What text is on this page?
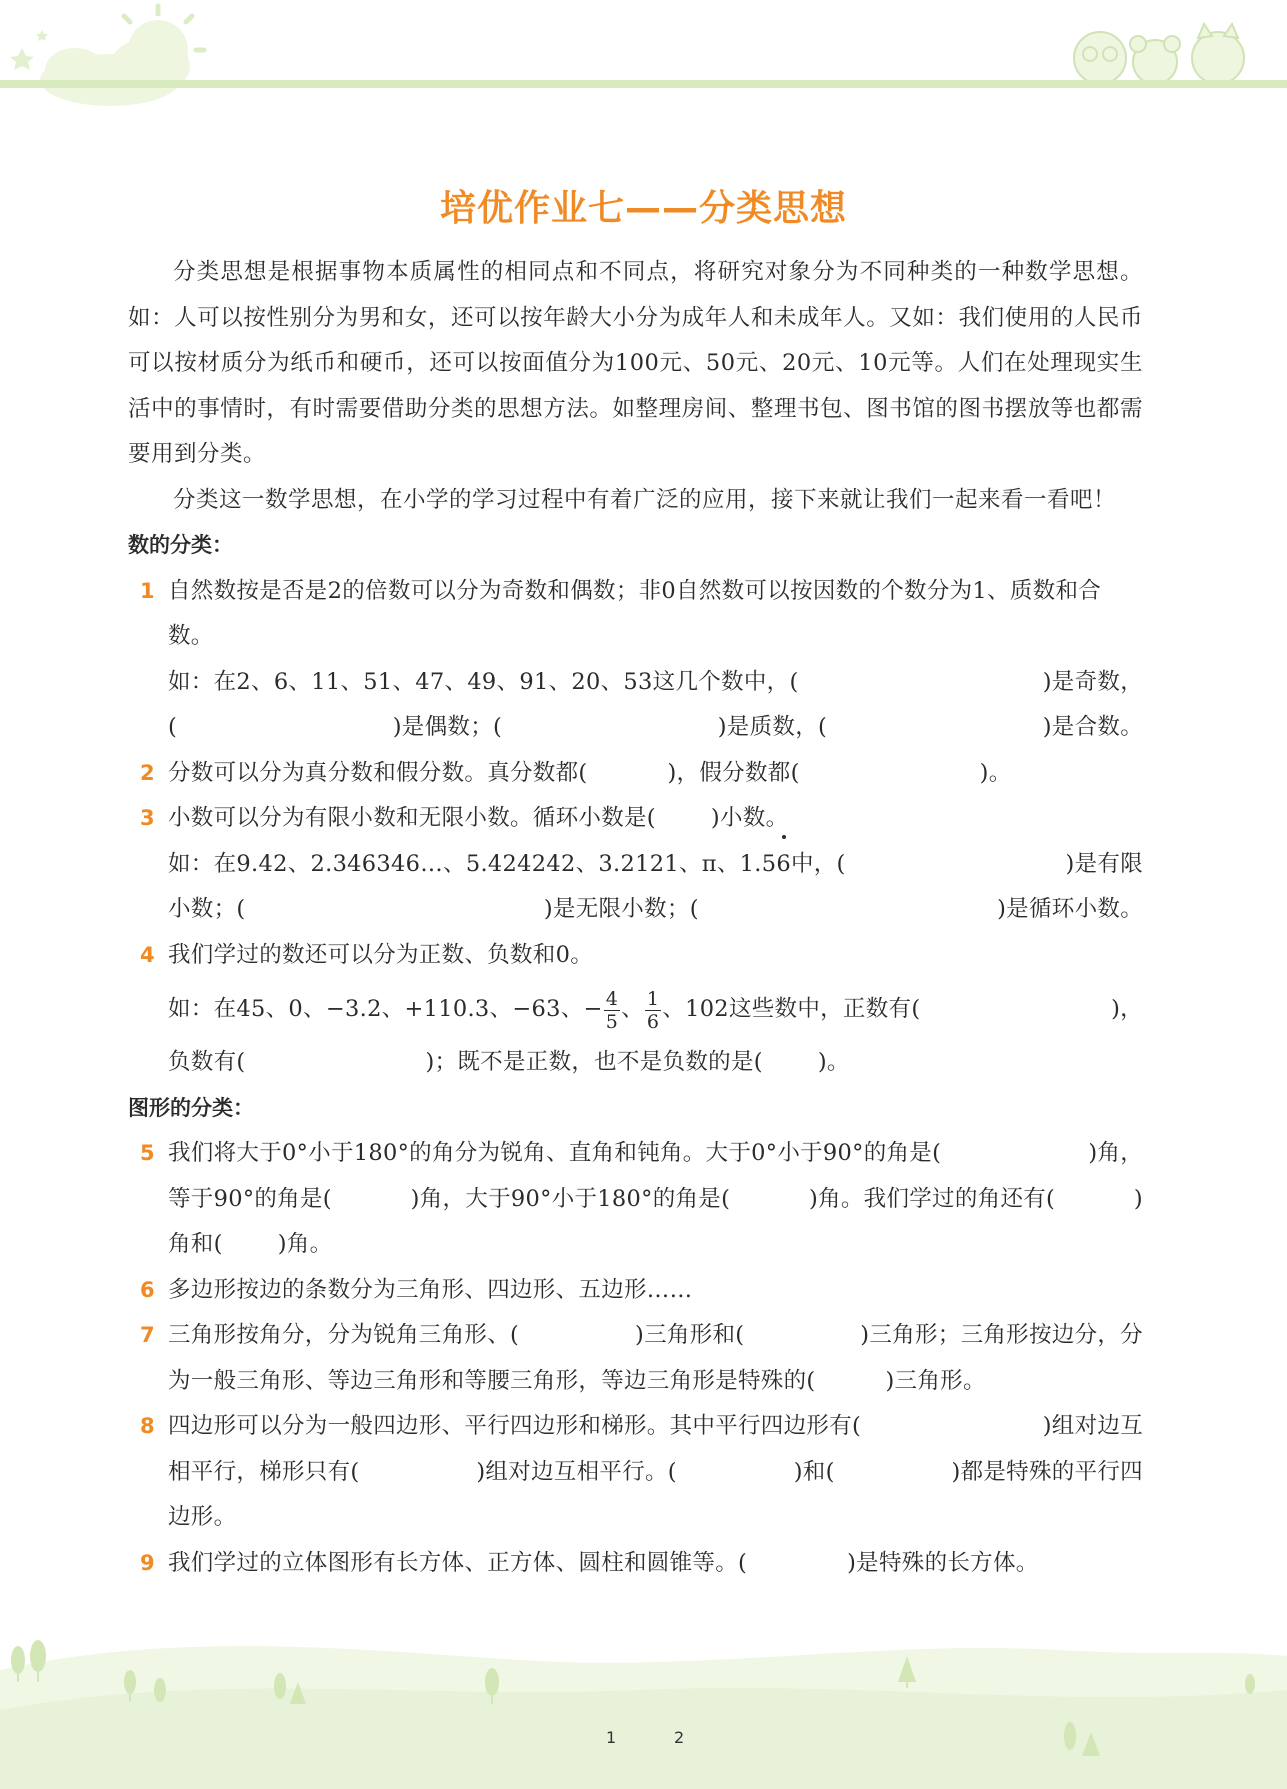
培优作业七——分类思想

分类思想是根据事物本质属性的相同点和不同点，将研究对象分为不同种类的一种数学思想。如：人可以按性别分为男和女，还可以按年龄大小分为成年人和未成年人。又如：我们使用的人民币可以按材质分为纸币和硬币，还可以按面值分为100元、50元、20元、10元等。人们在处理现实生活中的事情时，有时需要借助分类的思想方法。如整理房间、整理书包、图书馆的图书摆放等也都需要用到分类。

分类这一数学思想，在小学的学习过程中有着广泛的应用，接下来就让我们一起来看一看吧！

数的分类：

1 自然数按是否是2的倍数可以分为奇数和偶数；非0自然数可以按因数的个数分为1、质数和合数。
如：在2、6、11、51、47、49、91、20、53这几个数中，(	)是奇数，
(	)是偶数；(	)是质数，(	)是合数。
2 分数可以分为真分数和假分数。真分数都(	)，假分数都(	)。
3 小数可以分为有限小数和无限小数。循环小数是( )小数。
如：在9.42、2.346346…、5.424242、3.2121、π、1.56中，(	)是有限
小数；(	)是无限小数；(	)是循环小数。
4 我们学过的数还可以分为正数、负数和0。
如：在45、0、−3.2、+110.3、−63、− $\frac{4}{5}$ 、 $\frac{1}{6}$ 、102这些数中，正数有(	)，
负数有(	)；既不是正数，也不是负数的是( )。

图形的分类：

5 我们将大于0°小于180°的角分为锐角、直角和钝角。大于0°小于90°的角是(	)角，
等于90°的角是(	)角，大于90°小于180°的角是(	)角。我们学过的角还有(	)
角和( )角。
6 多边形按边的条数分为三角形、四边形、五边形……
7 三角形按角分，分为锐角三角形、(	)三角形和(	)三角形；三角形按边分，分
为一般三角形、等边三角形和等腰三角形，等边三角形是特殊的(	)三角形。
8 四边形可以分为一般四边形、平行四边形和梯形。其中平行四边形有(	)组对边互
相平行，梯形只有(	)组对边互相平行。(	)和(	)都是特殊的平行四
边形。
9 我们学过的立体图形有长方体、正方体、圆柱和圆锥等。(	)是特殊的长方体。
1	2
